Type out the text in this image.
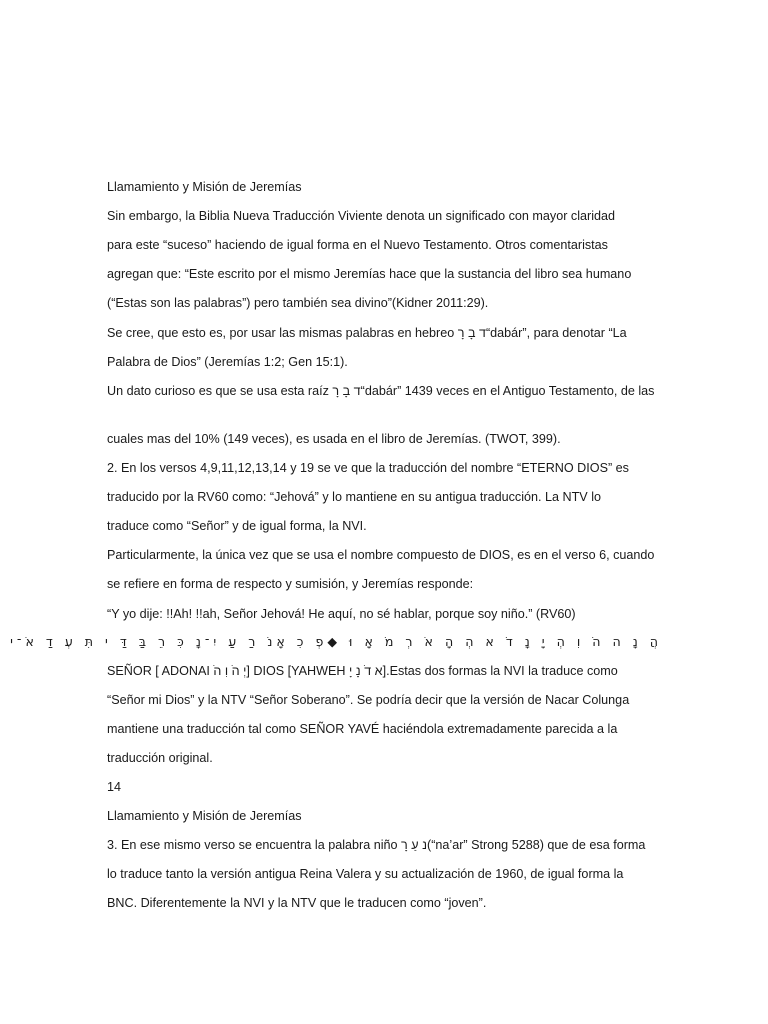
Llamamiento y Misión de Jeremías
Sin embargo, la Biblia Nueva Traducción Viviente denota un significado con mayor claridad
para este “suceso” haciendo de igual forma en el Nuevo Testamento. Otros comentaristas
agregan que: “Este escrito por el mismo Jeremías hace que la sustancia del libro sea humano
(“Estas son las palabras”) pero también sea divino”(Kidner 2011:29).
Se cree, que esto es, por usar las mismas palabras en hebreo ד בָ רָ“dabár”, para denotar “La
Palabra de Dios” (Jeremías 1:2; Gen 15:1).
Un dato curioso es que se usa esta raíz ד בָ רָ“dabár” 1439 veces en el Antiguo Testamento, de las
cuales mas del 10% (149 veces), es usada en el libro de Jeremías. (TWOT, 399).
2. En los versos 4,9,11,12,13,14 y 19 se ve que la traducción del nombre “ETERNO DIOS” es
traducido por la RV60 como: “Jehová” y lo mantiene en su antigua traducción. La NTV lo
traduce como “Señor” y de igual forma, la NVI.
Particularmente, la única vez que se usa el nombre compuesto de DIOS, es en el verso 6, cuando
se refiere en forma de respecto y sumisión, y Jeremías responde:
“Y yo dije: !!Ah! !!ah, Señor Jehová! He aquí, no sé hablar, porque soy niño.” (RV60)
הֲ נָ ה הֹ וִ הְ יָ נָ דֹ א הְ הָ אֹ רְ מֹ אָ וּ ◆פְ כִ אָנֹ רַ עַ יִ־נָ כִּ רֵ בַּ דַּ י תִּ עְ דַ אֹ־י
SEÑOR [ ADONAI יְ הֹ וִ הֹ] DIOS [YAHWEH א דֹ נָ יָ].Estas dos formas la NVI la traduce como
“Señor mi Dios” y la NTV “Señor Soberano”. Se podría decir que la versión de Nacar Colunga
mantiene una traducción tal como SEÑOR YAVÉ haciéndola extremadamente parecida a la
traducción original.
14
Llamamiento y Misión de Jeremías
3. En ese mismo verso se encuentra la palabra niño נ עַ רָ(“na’ar” Strong 5288) que de esa forma
lo traduce tanto la versión antigua Reina Valera y su actualización de 1960, de igual forma la
BNC. Diferentemente la NVI y la NTV que le traducen como “joven”.
